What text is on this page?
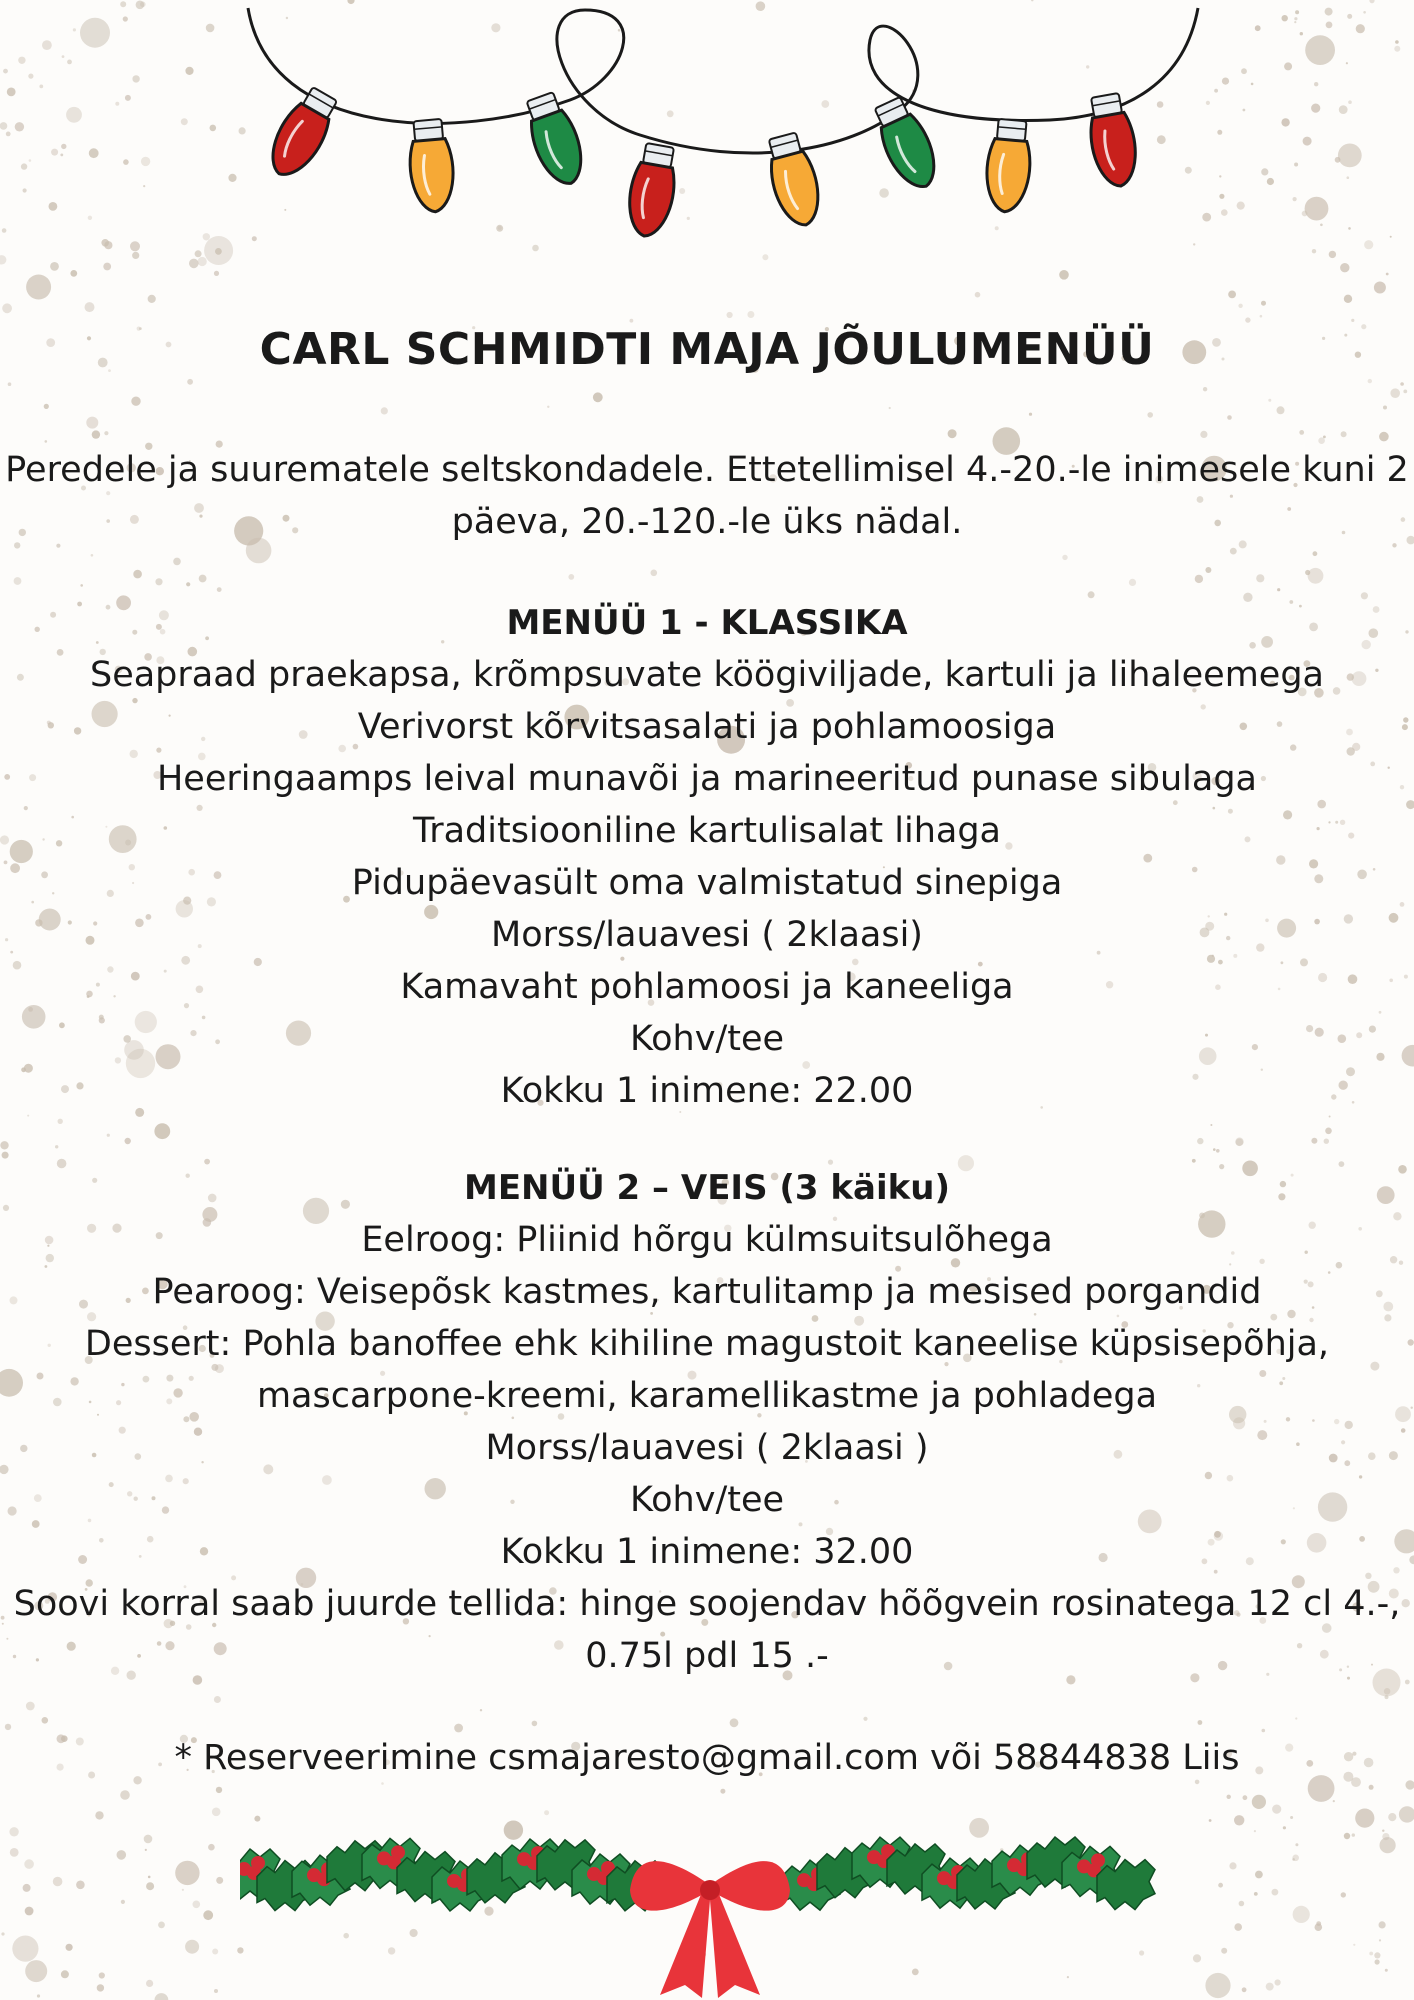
CARL SCHMIDTI MAJA JÕULUMENÜÜ
Peredele ja suurematele seltskondadele. Ettetellimisel 4.-20.-le inimesele kuni 2
päeva, 20.-120.-le üks nädal.
MENÜÜ 1 - KLASSIKA
Seapraad praekapsa, krõmpsuvate köögiviljade, kartuli ja lihaleemega
Verivorst kõrvitsasalati ja pohlamoosiga
Heeringaamps leival munavõi ja marineeritud punase sibulaga
Traditsiooniline kartulisalat lihaga
Pidupäevasült oma valmistatud sinepiga
Morss/lauavesi ( 2klaasi)
Kamavaht pohlamoosi ja kaneeliga
Kohv/tee
Kokku 1 inimene: 22.00
MENÜÜ 2 – VEIS (3 käiku)
Eelroog: Pliinid hõrgu külmsuitsulõhega
Pearoog: Veisepõsk kastmes, kartulitamp ja mesised porgandid
Dessert: Pohla banoffee ehk kihiline magustoit kaneelise küpsisepõhja,
mascarpone-kreemi, karamellikastme ja pohladega
Morss/lauavesi ( 2klaasi )
Kohv/tee
Kokku 1 inimene: 32.00
Soovi korral saab juurde tellida: hinge soojendav hõõgvein rosinatega 12 cl 4.-,
0.75l pdl 15 .-
* Reserveerimine csmajaresto@gmail.com või 58844838 Liis
